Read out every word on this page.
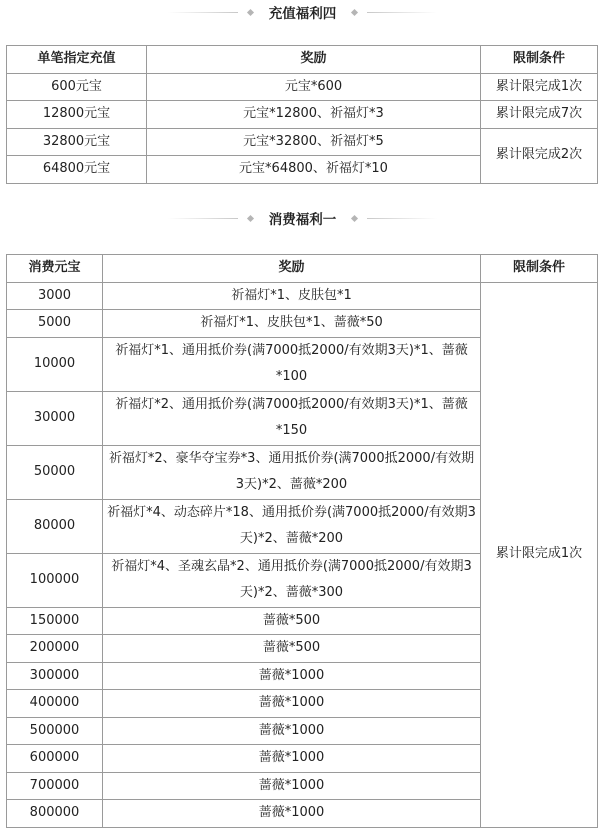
充值福利四
单笔指定充值	奖励	限制条件
600元宝	元宝*600	累计限完成1次
12800元宝	元宝*12800、祈福灯*3	累计限完成7次
32800元宝	元宝*32800、祈福灯*5	累计限完成2次
64800元宝	元宝*64800、祈福灯*10	
消费福利一
消费元宝	奖励	限制条件
3000	祈福灯*1、皮肤包*1	累计限完成1次
5000	祈福灯*1、皮肤包*1、蔷薇*50	
10000	祈福灯*1、通用抵价券(满7000抵2000/有效期3天)*1、蔷薇*100	
30000	祈福灯*2、通用抵价券(满7000抵2000/有效期3天)*1、蔷薇*150	
50000	祈福灯*2、豪华夺宝券*3、通用抵价券(满7000抵2000/有效期3天)*2、蔷薇*200	
80000	祈福灯*4、动态碎片*18、通用抵价券(满7000抵2000/有效期3天)*2、蔷薇*200	
100000	祈福灯*4、圣魂玄晶*2、通用抵价券(满7000抵2000/有效期3天)*2、蔷薇*300	
150000	蔷薇*500	
200000	蔷薇*500	
300000	蔷薇*1000	
400000	蔷薇*1000	
500000	蔷薇*1000	
600000	蔷薇*1000	
700000	蔷薇*1000	
800000	蔷薇*1000	
